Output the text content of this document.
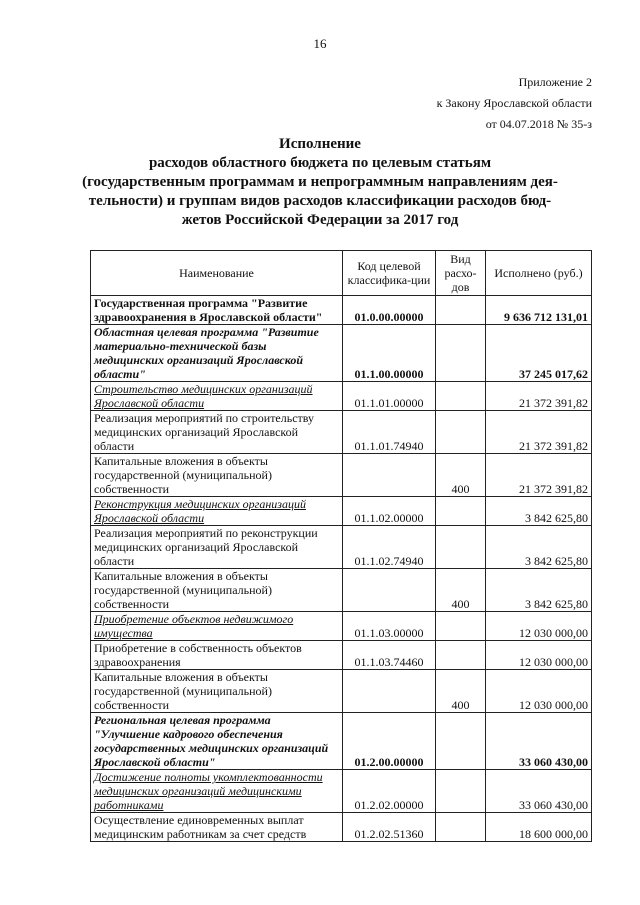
16
Приложение 2
к Закону Ярославской области
от 04.07.2018 № 35-з
Исполнение
расходов областного бюджета по целевым статьям
(государственным программам и непрограммным направлениям дея-
тельности) и группам видов расходов классификации расходов бюд-
жетов Российской Федерации за 2017 год
Наименование	Код целевой классифика-ции	Вид расхо-дов	Исполнено (руб.)
Государственная программа "Развитие здравоохранения в Ярославской области"	01.0.00.00000		9 636 712 131,01
Областная целевая программа "Развитие материально-технической базы медицинских организаций Ярославской области"	01.1.00.00000		37 245 017,62
Строительство медицинских организаций Ярославской области	01.1.01.00000		21 372 391,82
Реализация мероприятий по строительству медицинских организаций Ярославской области	01.1.01.74940		21 372 391,82
Капитальные вложения в объекты государственной (муниципальной) собственности		400	21 372 391,82
Реконструкция медицинских организаций Ярославской области	01.1.02.00000		3 842 625,80
Реализация мероприятий по реконструкции медицинских организаций Ярославской области	01.1.02.74940		3 842 625,80
Капитальные вложения в объекты государственной (муниципальной) собственности		400	3 842 625,80
Приобретение объектов недвижимого имущества	01.1.03.00000		12 030 000,00
Приобретение в собственность объектов здравоохранения	01.1.03.74460		12 030 000,00
Капитальные вложения в объекты государственной (муниципальной) собственности		400	12 030 000,00
Региональная целевая программа "Улучшение кадрового обеспечения государственных медицинских организаций Ярославской области"	01.2.00.00000		33 060 430,00
Достижение полноты укомплектованности медицинских организаций медицинскими работниками	01.2.02.00000		33 060 430,00
Осуществление единовременных выплат медицинским работникам за счет средств	01.2.02.51360		18 600 000,00
